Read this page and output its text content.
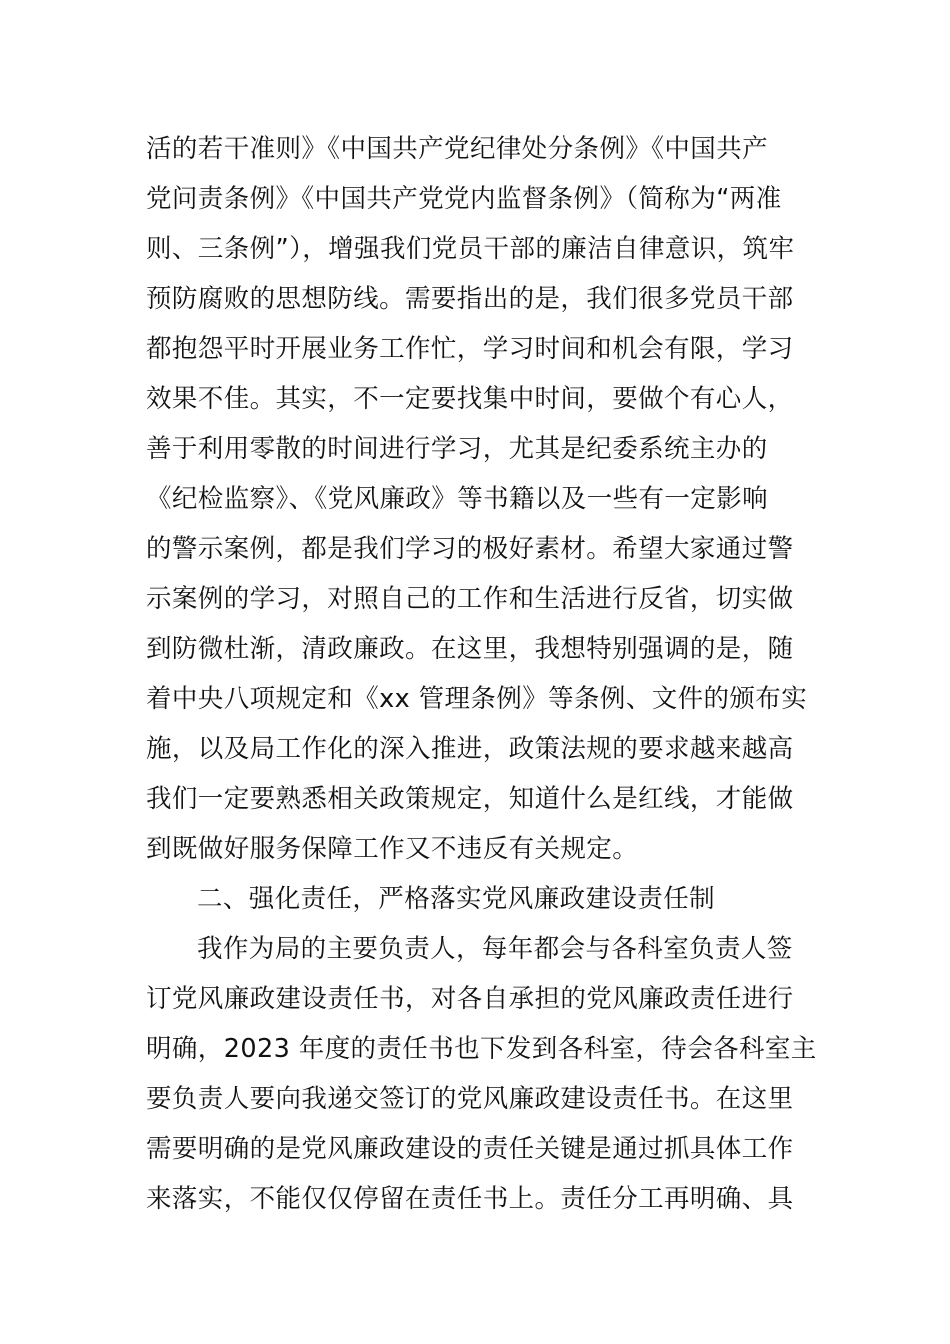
活的若干准则》《中国共产党纪律处分条例》《中国共产
党问责条例》《中国共产党党内监督条例》（简称为“两准
则、三条例”），增强我们党员干部的廉洁自律意识，筑牢
预防腐败的思想防线。需要指出的是，我们很多党员干部
都抱怨平时开展业务工作忙，学习时间和机会有限，学习
效果不佳。其实，不一定要找集中时间，要做个有心人，
善于利用零散的时间进行学习，尤其是纪委系统主办的
《纪检监察》、《党风廉政》等书籍以及一些有一定影响
的警示案例，都是我们学习的极好素材。希望大家通过警
示案例的学习，对照自己的工作和生活进行反省，切实做
到防微杜渐，清政廉政。在这里，我想特别强调的是，随
着中央八项规定和《xx 管理条例》等条例、文件的颁布实
施，以及局工作化的深入推进，政策法规的要求越来越高
我们一定要熟悉相关政策规定，知道什么是红线，才能做
到既做好服务保障工作又不违反有关规定。
二、强化责任，严格落实党风廉政建设责任制
我作为局的主要负责人，每年都会与各科室负责人签
订党风廉政建设责任书，对各自承担的党风廉政责任进行
明确，2023 年度的责任书也下发到各科室，待会各科室主
要负责人要向我递交签订的党风廉政建设责任书。在这里
需要明确的是党风廉政建设的责任关键是通过抓具体工作
来落实，不能仅仅停留在责任书上。责任分工再明确、具
